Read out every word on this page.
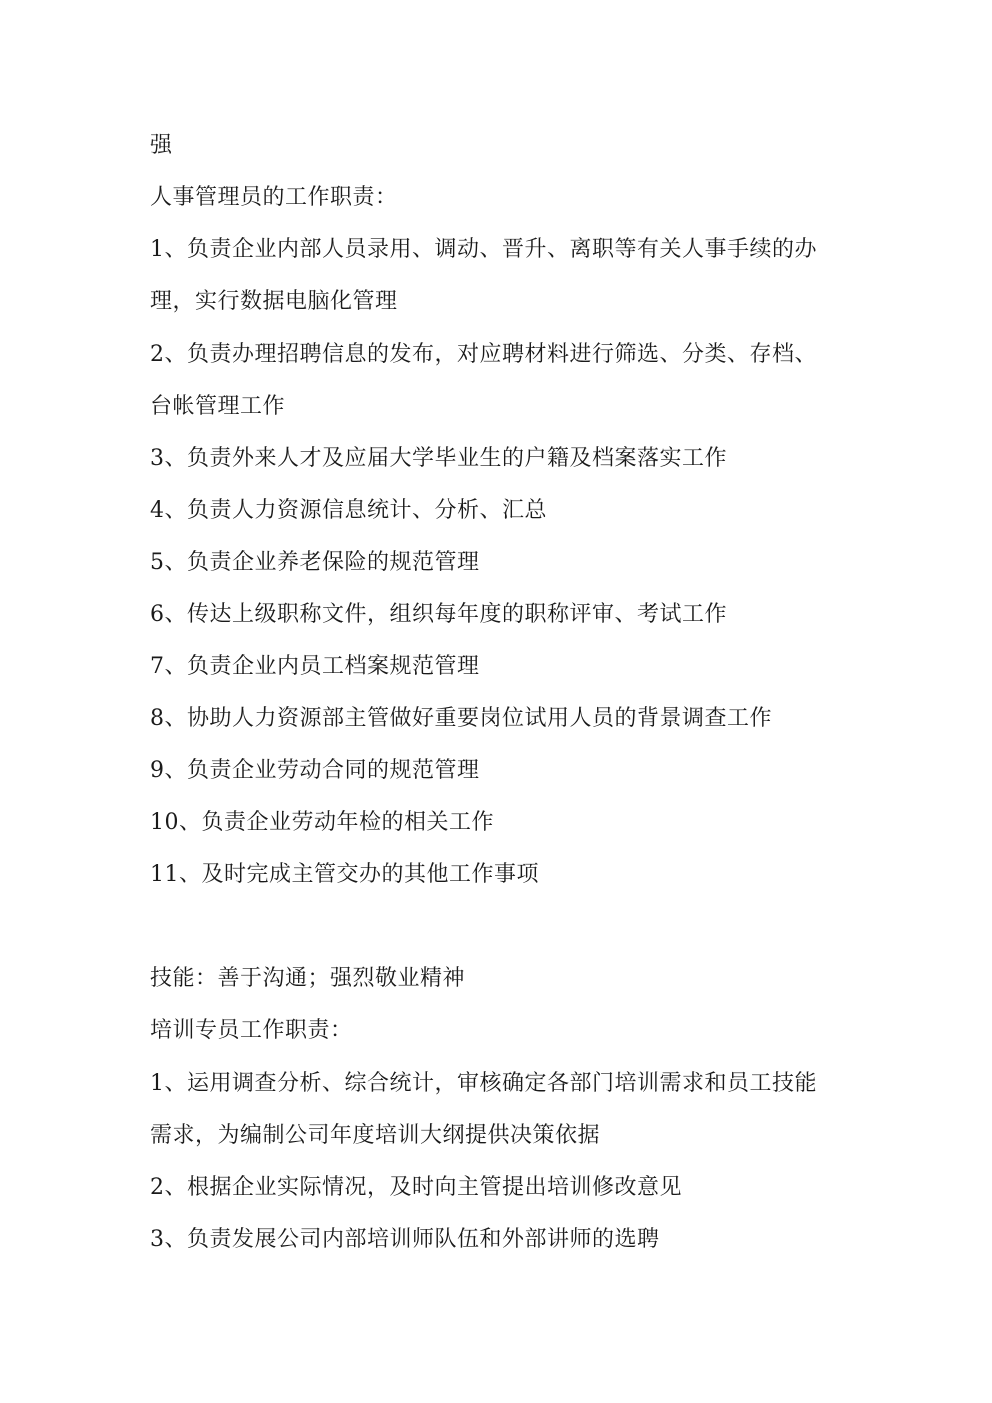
强
人事管理员的工作职责：
1、负责企业内部人员录用、调动、晋升、离职等有关人事手续的办
理，实行数据电脑化管理
2、负责办理招聘信息的发布，对应聘材料进行筛选、分类、存档、
台帐管理工作
3、负责外来人才及应届大学毕业生的户籍及档案落实工作
4、负责人力资源信息统计、分析、汇总
5、负责企业养老保险的规范管理
6、传达上级职称文件，组织每年度的职称评审、考试工作
7、负责企业内员工档案规范管理
8、协助人力资源部主管做好重要岗位试用人员的背景调查工作
9、负责企业劳动合同的规范管理
10、负责企业劳动年检的相关工作
11、及时完成主管交办的其他工作事项
技能：善于沟通；强烈敬业精神
培训专员工作职责：
1、运用调查分析、综合统计，审核确定各部门培训需求和员工技能
需求，为编制公司年度培训大纲提供决策依据
2、根据企业实际情况，及时向主管提出培训修改意见
3、负责发展公司内部培训师队伍和外部讲师的选聘
